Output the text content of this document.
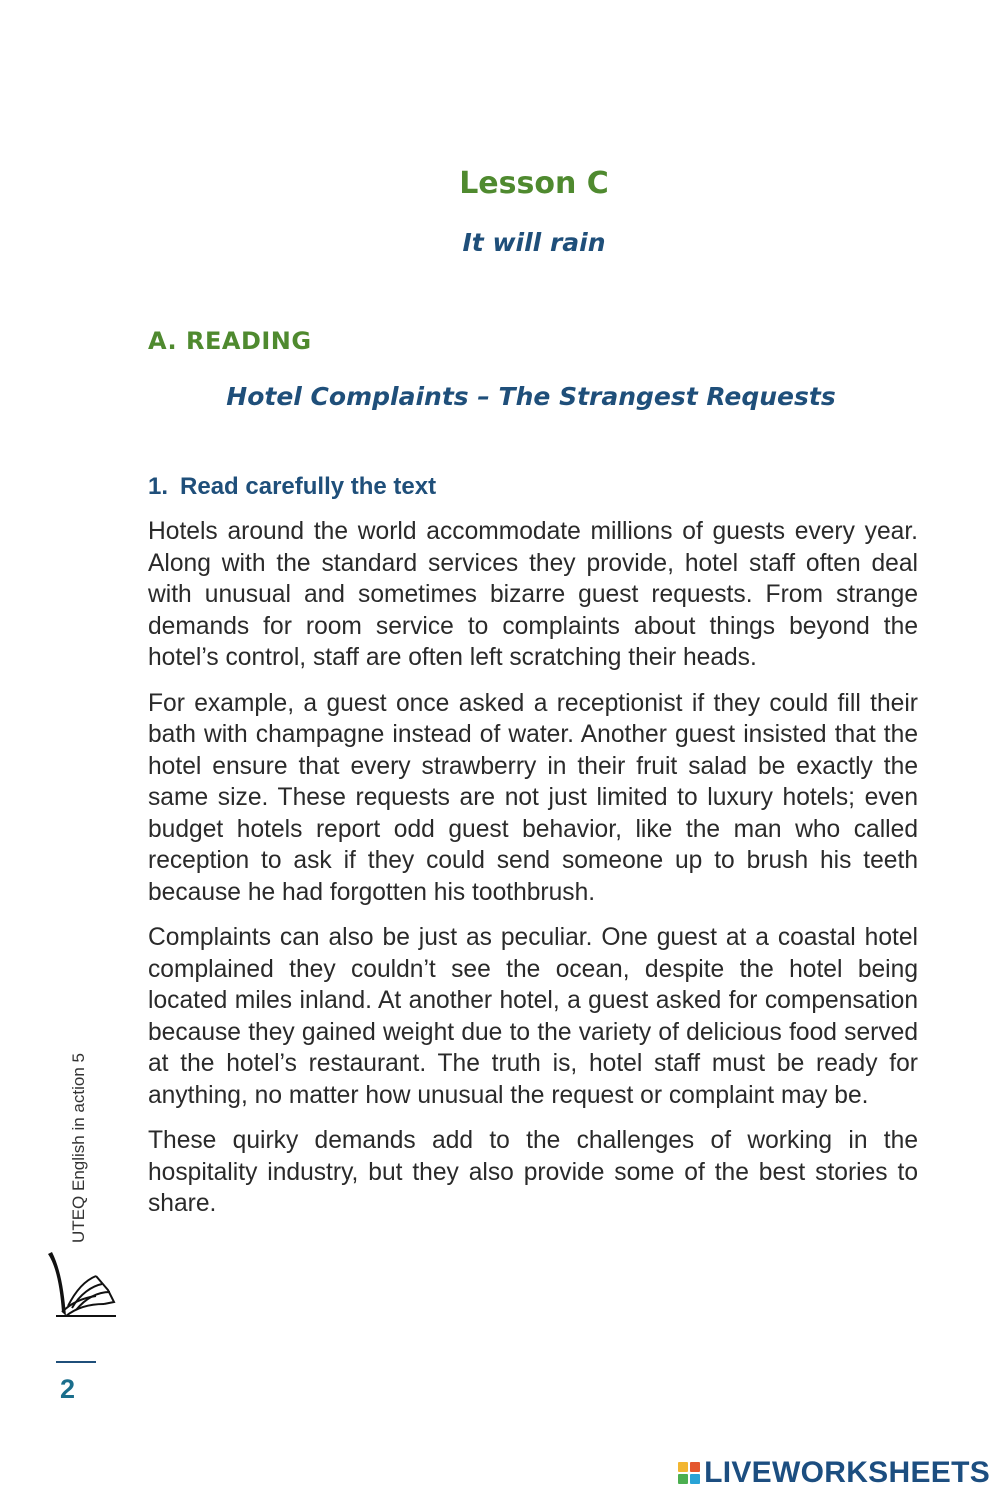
Lesson C
It will rain
A. READING
Hotel Complaints – The Strangest Requests
1. Read carefully the text

Hotels around the world accommodate millions of guests every year. Along with the standard services they provide, hotel staff often deal with unusual and sometimes bizarre guest requests. From strange demands for room service to complaints about things beyond the hotel’s control, staff are often left scratching their heads.

For example, a guest once asked a receptionist if they could fill their bath with champagne instead of water. Another guest insisted that the hotel ensure that every strawberry in their fruit salad be exactly the same size. These requests are not just limited to luxury hotels; even budget hotels report odd guest behavior, like the man who called reception to ask if they could send someone up to brush his teeth because he had forgotten his toothbrush.

Complaints can also be just as peculiar. One guest at a coastal hotel complained they couldn’t see the ocean, despite the hotel being located miles inland. At another hotel, a guest asked for compensation because they gained weight due to the variety of delicious food served at the hotel’s restaurant. The truth is, hotel staff must be ready for anything, no matter how unusual the request or complaint may be.

These quirky demands add to the challenges of working in the hospitality industry, but they also provide some of the best stories to share.

UTEQ English in action 5
2
LIVEWORKSHEETS
